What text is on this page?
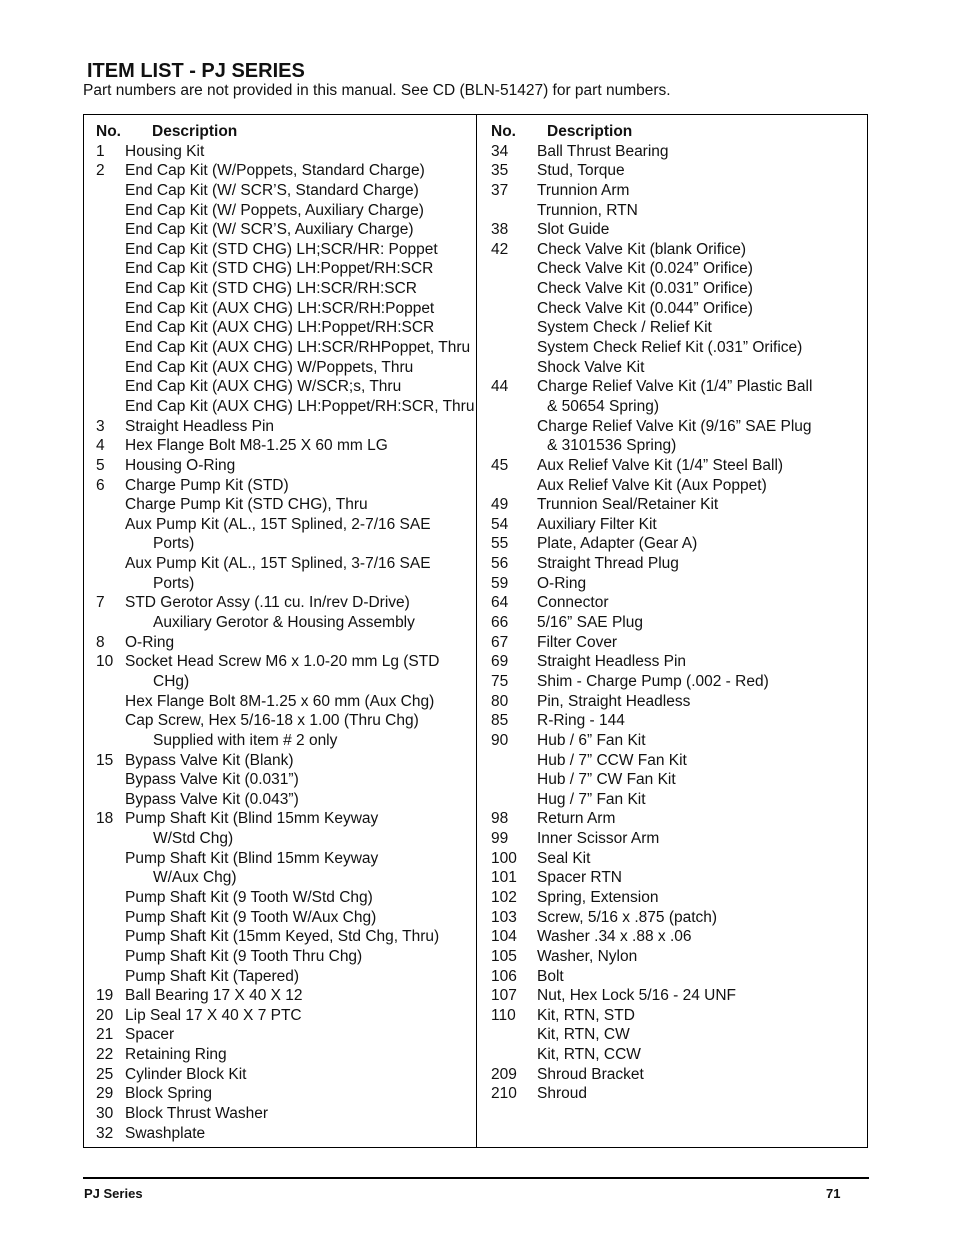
ITEM LIST - PJ SERIES
Part numbers are not provided in this manual. See CD (BLN-51427) for part numbers.
No. Description
1 Housing Kit
2 End Cap Kit (W/Poppets, Standard Charge)
End Cap Kit (W/ SCR’S, Standard Charge)
End Cap Kit (W/ Poppets, Auxiliary Charge)
End Cap Kit (W/ SCR’S, Auxiliary Charge)
End Cap Kit (STD CHG) LH;SCR/HR: Poppet
End Cap Kit (STD CHG) LH:Poppet/RH:SCR
End Cap Kit (STD CHG) LH:SCR/RH:SCR
End Cap Kit (AUX CHG) LH:SCR/RH:Poppet
End Cap Kit (AUX CHG) LH:Poppet/RH:SCR
End Cap Kit (AUX CHG) LH:SCR/RHPoppet, Thru
End Cap Kit (AUX CHG) W/Poppets, Thru
End Cap Kit (AUX CHG) W/SCR;s, Thru
End Cap Kit (AUX CHG) LH:Poppet/RH:SCR, Thru
3 Straight Headless Pin
4 Hex Flange Bolt M8-1.25 X 60 mm LG
5 Housing O-Ring
6 Charge Pump Kit (STD)
Charge Pump Kit (STD CHG), Thru
Aux Pump Kit (AL., 15T Splined, 2-7/16 SAE
Ports)
Aux Pump Kit (AL., 15T Splined, 3-7/16 SAE
Ports)
7 STD Gerotor Assy (.11 cu. In/rev D-Drive)
Auxiliary Gerotor & Housing Assembly
8 O-Ring
10 Socket Head Screw M6 x 1.0-20 mm Lg (STD
CHg)
Hex Flange Bolt 8M-1.25 x 60 mm (Aux Chg)
Cap Screw, Hex 5/16-18 x 1.00 (Thru Chg)
Supplied with item # 2 only
15 Bypass Valve Kit (Blank)
Bypass Valve Kit (0.031”)
Bypass Valve Kit (0.043”)
18 Pump Shaft Kit (Blind 15mm Keyway
W/Std Chg)
Pump Shaft Kit (Blind 15mm Keyway
W/Aux Chg)
Pump Shaft Kit (9 Tooth W/Std Chg)
Pump Shaft Kit (9 Tooth W/Aux Chg)
Pump Shaft Kit (15mm Keyed, Std Chg, Thru)
Pump Shaft Kit (9 Tooth Thru Chg)
Pump Shaft Kit (Tapered)
19 Ball Bearing 17 X 40 X 12
20 Lip Seal 17 X 40 X 7 PTC
21 Spacer
22 Retaining Ring
25 Cylinder Block Kit
29 Block Spring
30 Block Thrust Washer
32 Swashplate
No. Description
34 Ball Thrust Bearing
35 Stud, Torque
37 Trunnion Arm
Trunnion, RTN
38 Slot Guide
42 Check Valve Kit (blank Orifice)
Check Valve Kit (0.024” Orifice)
Check Valve Kit (0.031” Orifice)
Check Valve Kit (0.044” Orifice)
System Check / Relief Kit
System Check Relief Kit (.031” Orifice)
Shock Valve Kit
44 Charge Relief Valve Kit (1/4” Plastic Ball
& 50654 Spring)
Charge Relief Valve Kit (9/16” SAE Plug
& 3101536 Spring)
45 Aux Relief Valve Kit (1/4” Steel Ball)
Aux Relief Valve Kit (Aux Poppet)
49 Trunnion Seal/Retainer Kit
54 Auxiliary Filter Kit
55 Plate, Adapter (Gear A)
56 Straight Thread Plug
59 O-Ring
64 Connector
66 5/16” SAE Plug
67 Filter Cover
69 Straight Headless Pin
75 Shim - Charge Pump (.002 - Red)
80 Pin, Straight Headless
85 R-Ring - 144
90 Hub / 6” Fan Kit
Hub / 7” CCW Fan Kit
Hub / 7” CW Fan Kit
Hug / 7” Fan Kit
98 Return Arm
99 Inner Scissor Arm
100 Seal Kit
101 Spacer RTN
102 Spring, Extension
103 Screw, 5/16 x .875 (patch)
104 Washer .34 x .88 x .06
105 Washer, Nylon
106 Bolt
107 Nut, Hex Lock 5/16 - 24 UNF
110 Kit, RTN, STD
Kit, RTN, CW
Kit, RTN, CCW
209 Shroud Bracket
210 Shroud
PJ Series	71
